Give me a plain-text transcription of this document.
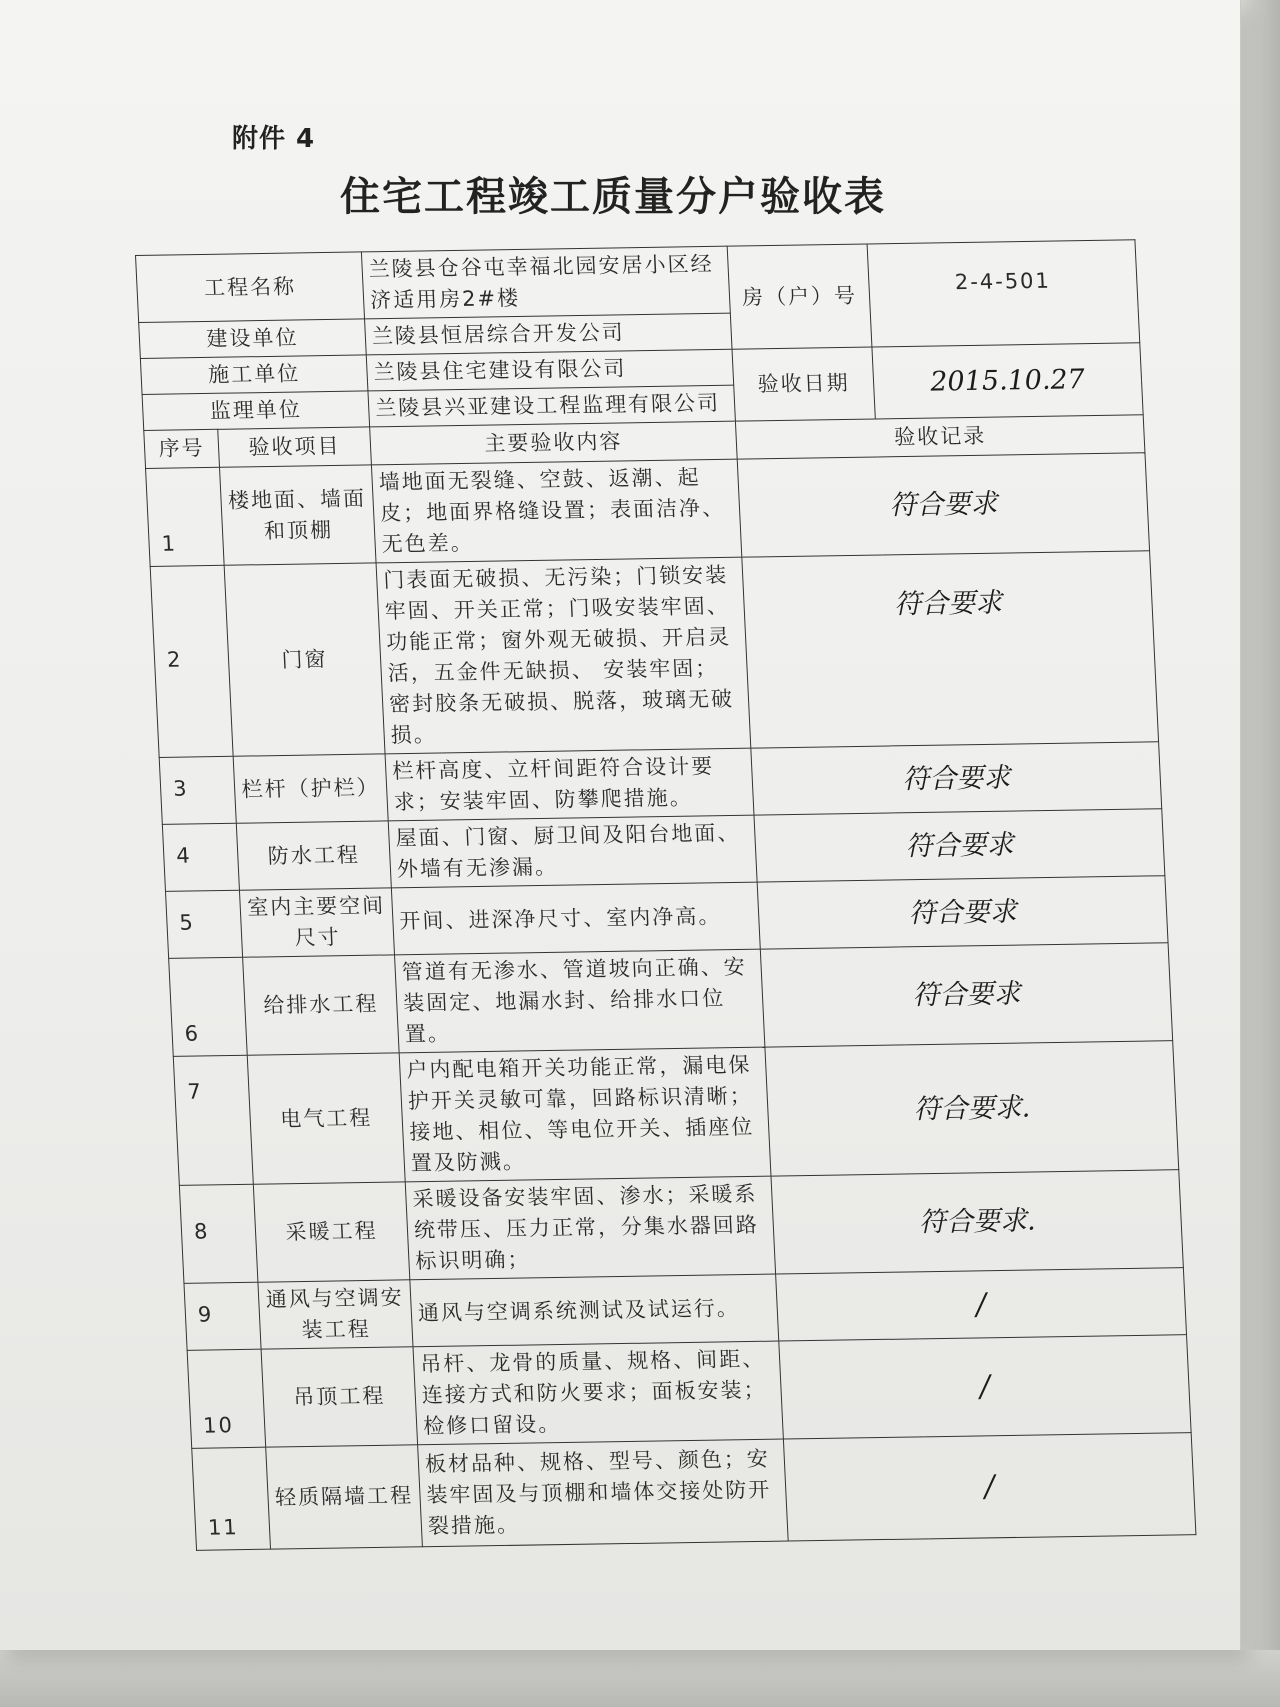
附件 4
住宅工程竣工质量分户验收表
工程名称		兰陵县仓谷屯幸福北园安居小区经济适用房2#楼	房（户）号	2-4-501
建设单位		兰陵县恒居综合开发公司		
施工单位		兰陵县住宅建设有限公司	验收日期	2015.10.27
监理单位		兰陵县兴亚建设工程监理有限公司		
序号	验收项目	主要验收内容	验收记录	
1	楼地面、墙面和顶棚	墙地面无裂缝、空鼓、返潮、起皮；地面界格缝设置；表面洁净、无色差。	符合要求	
2	门窗	门表面无破损、无污染；门锁安装牢固、开关正常；门吸安装牢固、功能正常；窗外观无破损、开启灵活，五金件无缺损、 安装牢固；密封胶条无破损、脱落，玻璃无破损。	符合要求	
3	栏杆（护栏）	栏杆高度、立杆间距符合设计要求；安装牢固、防攀爬措施。	符合要求	
4	防水工程	屋面、门窗、厨卫间及阳台地面、外墙有无渗漏。	符合要求	
5	室内主要空间尺寸	开间、进深净尺寸、室内净高。	符合要求	
6	给排水工程	管道有无渗水、管道坡向正确、安装固定、地漏水封、给排水口位置。	符合要求	
7	电气工程	户内配电箱开关功能正常，漏电保护开关灵敏可靠，回路标识清晰；接地、相位、等电位开关、插座位置及防溅。	符合要求.	
8	采暖工程	采暖设备安装牢固、渗水；采暖系统带压、压力正常，分集水器回路标识明确；	符合要求.	
9	通风与空调安装工程	通风与空调系统测试及试运行。	/	
10	吊顶工程	吊杆、龙骨的质量、规格、间距、连接方式和防火要求；面板安装；检修口留设。	/	
11	轻质隔墙工程	板材品种、规格、型号、颜色；安装牢固及与顶棚和墙体交接处防开裂措施。	/	
